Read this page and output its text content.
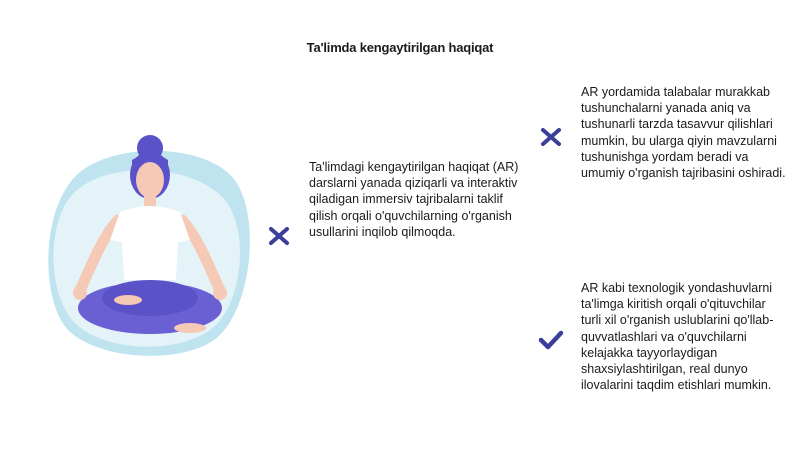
Ta'limda kengaytirilgan haqiqat
Ta'limdagi kengaytirilgan haqiqat (AR) darslarni yanada qiziqarli va interaktiv qiladigan immersiv tajribalarni taklif qilish orqali o'quvchilarning o'rganish usullarini inqilob qilmoqda.
AR yordamida talabalar murakkab tushunchalarni yanada aniq va tushunarli tarzda tasavvur qilishlari mumkin, bu ularga qiyin mavzularni tushunishga yordam beradi va umumiy o'rganish tajribasini oshiradi.
AR kabi texnologik yondashuvlarni ta'limga kiritish orqali o'qituvchilar turli xil o'rganish uslublarini qo'llab-quvvatlashlari va o'quvchilarni kelajakka tayyorlaydigan shaxsiylashtirilgan, real dunyo ilovalarini taqdim etishlari mumkin.
